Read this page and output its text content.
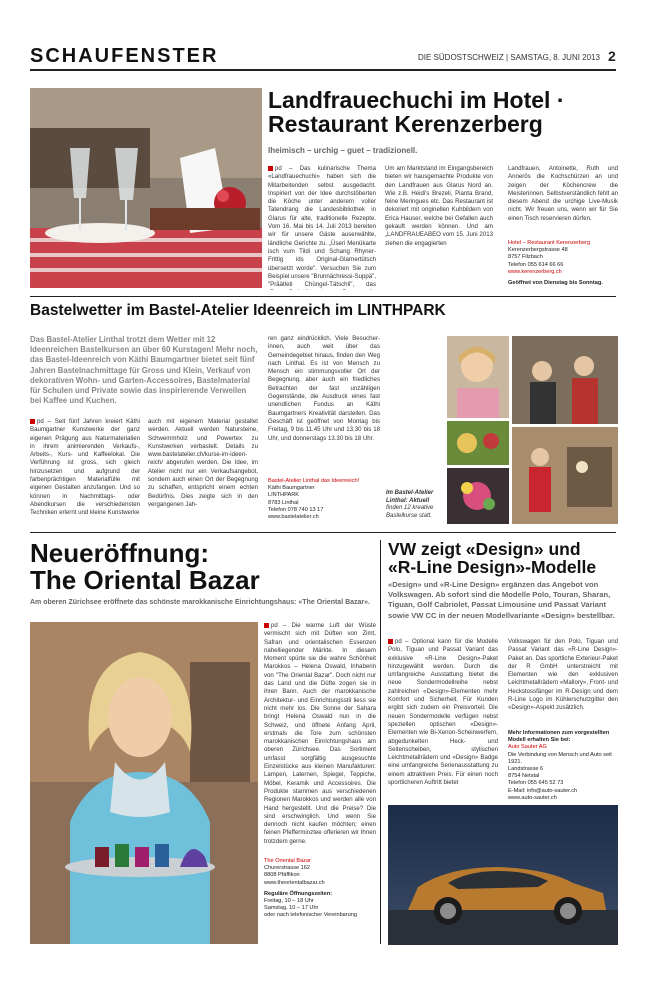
SCHAUFENSTER	DIE SÜDOSTSCHWEIZ | SAMSTAG, 8. JUNI 2013 2
Landfrauechuchi im Hotel ·
Restaurant Kerenzerberg
Iheimisch – urchig – guet – tradizionell.
pd – Das kulinarische Thema «Landfrauechuchi» haben sich die Mitarbeitenden selbst ausgedacht. Inspiriert von der Idee durchstöberten die Köche unter anderem voller Tatendrang die Landesbibliothek in Glarus für alte, traditionelle Rezepte. Vom 16. Mai bis 14. Juli 2013 bereiten wir für unsere Gäste auserwählte, ländliche Gerichte zu. „Üseri Menükarte isch vum Tildi und Schang Rhyner-Frittig ids Original-Glarnertütsch übersetzt worde". Versuchen Sie zum Beispiel unsere "Brunnächressi-Suppä", "Präätleti Chüngel-Tätschli", das
Um am Marktstand im Eingangsbereich bieten wir hausgemachte Produkte von den Landfrauen aus Glarus Nord an. Wie z.B. Heidi's Brezeli, Pianta Brand, feine Meringues etc. Das Restaurant ist dekoriert mit originellen Kuhbildern von Erica Hauser, welche bei Gefallen auch gekauft werden können. Und am „LANDFRAUEABEO vom 15. Juni 2013 ziehen die engagierten
Landfrauen, Antoinette, Ruth und Annerös die Kochschürzen an und zeigen der Köchencrew die Meisterinnen. Selbstverständlich fehlt an diesem Abend die urchige Live-Musik nicht. Wir freuen uns, wenn wir für Sie einen Tisch reservieren dürfen.
Hotel – Restaurant Kerenzerberg
Kerenzerbergstrasse 48
8757 Filzbach
Telefon 055 614 66 66
www.kerenzerberg.ch
Geöffnet von Dienstag bis Sonntag.
Bastelwetter im Bastel-Atelier Ideenreich im LINTHPARK
Das Bastel-Atelier Linthal trotzt dem Wetter mit 12 Ideenreichen Bastelkursen an über 60 Kurstagen! Mehr noch, das Bastel-Ideenreich von Käthi Baumgartner bietet seit fünf Jahren Bastelnachmittage für Gross und Klein, Verkauf von dekorativen Wohn- und Garten-Accessoires, Bastelmaterial für Schulen und Private sowie das inspirierende Verweilen bei Kaffee und Kuchen.
pd – Seit fünf Jahren kreiert Käthi Baumgartner Kunstwerke der ganz eigenen Prägung aus Naturmaterialien in ihrem animierenden Verkaufs-, Arbeits-, Kurs- und Kaffeelokal. Die Verführung ist gross, sich gleich hinzusetzen und aufgrund der farbenprächtigen Materialfülle mit eigenen Gestalten anzufangen. Und so können in Nachmittags- oder Abendkursen die verschiedensten Techniken erlernt und kleine Kunstwerke
auch mit eigenem Material gestaltet werden. Aktuell werden Natursteine, Schwemmholz und Powertex zu Kunstwerken verbastelt. Details zu www.bastelatelier.ch/kurse-im-ideen-reich/ abgerufen werden. Die Idee, im Atelier nicht nur ein Verkaufsangebot, sondern auch einen Ort der Begegnung zu schaffen, entspricht einem echten Bedürfnis. Dies zeigte sich in den vergangenen Jah-
ren ganz eindrücklich. Viele Besucher-innen, auch weit über das Gemeindegebiet hinaus, finden den Weg nach Linthal. Es ist von Mensch zu Mensch ein stimmungsvoller Ort der Begegnung, aber auch ein friedliches Betrachten der fast unzähligen Gegenstände, die Ausdruck eines fast unendlichen Fundus an Käthi Baumgartners Kreativität darstellen. Das Geschäft ist geöffnet von Montag bis Freitag, 9 bis 11.45 Uhr und 13.30 bis 18 Uhr, und donnerstags 13.30 bis 18 Uhr.
Bastel-Atelier Linthal das Ideenreich!
Käthi Baumgartner
LINTHPARK
8783 Linthal
Telefon 078 740 13 17
www.bastelatelier.ch
Im Bastel-Atelier Linthal: Aktuell finden 12 kreative Bastelkurse statt.
Neueröffnung:
The Oriental Bazar
Am oberen Zürichsee eröffnete das schönste marokkanische Einrichtungshaus: «The Oriental Bazar».
pd – Die warme Luft der Wüste vermischt sich mit Düften von Zimt, Safran und orientalischen Essenzen nahelliegender Märkte. In diesem Moment spürte sie die wahre Schönheit Marokkos – Helena Oswald, Inhaberin von "The Oriental Bazar". Doch nicht nur das Land und die Düfte zogen sie in ihren Bann. Auch der marokkanische Architektur- und Einrichtungsstil liess sie nicht mehr los. Die Sonne der Sahara bringt Helena Oswald nun in die Schweiz, und öffnete Anfang April, erstmals die Tore zum schönsten marokkanischen Einrichtungshaus am oberen Zürichsee. Das Sortiment umfasst sorgfältig ausgesuchte Einzelstücke aus kleinen Manufakturen: Lampen, Laternen, Spiegel, Teppiche, Möbel, Keramik und Accessoires. Die Produkte stammen aus verschiedenen Regionen Marokkos und werden alle von Hand hergestellt. Und die Preise? Die sind erschwinglich. Und wenn Sie dennoch nicht kaufen möchten; einen feinen Pfefferminztee offerieren wir Ihnen trotzdem gerne.
The Oriental Bazar
Churerstrasse 162
8808 Pfäffikon
www.theorientalbazar.ch
Reguläre Öffnungszeiten:
Freitag, 10 – 18 Uhr
Samstag, 10 – 17 Uhr
oder nach telefonischer Vereinbarung
VW zeigt «Design» und
«R-Line Design»-Modelle
«Design» und «R-Line Design» ergänzen das Angebot von Volkswagen. Ab sofort sind die Modelle Polo, Touran, Sharan, Tiguan, Golf Cabriolet, Passat Limousine und Passat Variant sowie VW CC in der neuen Modellvariante «Design» bestellbar.
pd – Optional kann für die Modelle Polo, Tiguan und Passat Variant das exklusive «R-Line Design»-Paket hinzugewählt werden. Durch die umfangreiche Ausstattung bietet die neue Sondermodellreihe nebst zahlreichen «Design»-Elementen mehr Komfort und Sicherheit. Für Kunden ergibt sich zudem ein Preisvorteil. Die neuen Sondermodelle verfügen nebst speziellen optischen «Design»-Elementen wie Bi-Xenon-Scheinwerfern, abgedunkelten Heck- und Seitenscheiben, stylischen Leichtmetallrädern und «Design» Badge eine umfangreiche Serienausstattung zu einem attraktiven Preis. Für einen noch sportlicheren Auftritt bietet
Volkswagen für den Polo, Tiguan und Passat Variant das «R-Line Design»-Paket an. Das sportliche Exterieur-Paket der R GmbH unterstreicht mit Elementen wie den exklusiven Leichtmetallrädern «Mallory», Front- und Heckstossfänger im R-Design und dem R-Line Logo im Kühlerschutzgitter den «Design»-Aspekt zusätzlich.
Mehr Informationen zum vorgestellten Modell erhalten Sie bei:
Auto Sauter AG
Die Verbindung von Mensch und Auto seit 1921.
Landstrasse 6
8754 Netstal
Telefon 055 645 52 73
E-Mail: info@auto-sauter.ch
www.auto-sauter.ch
